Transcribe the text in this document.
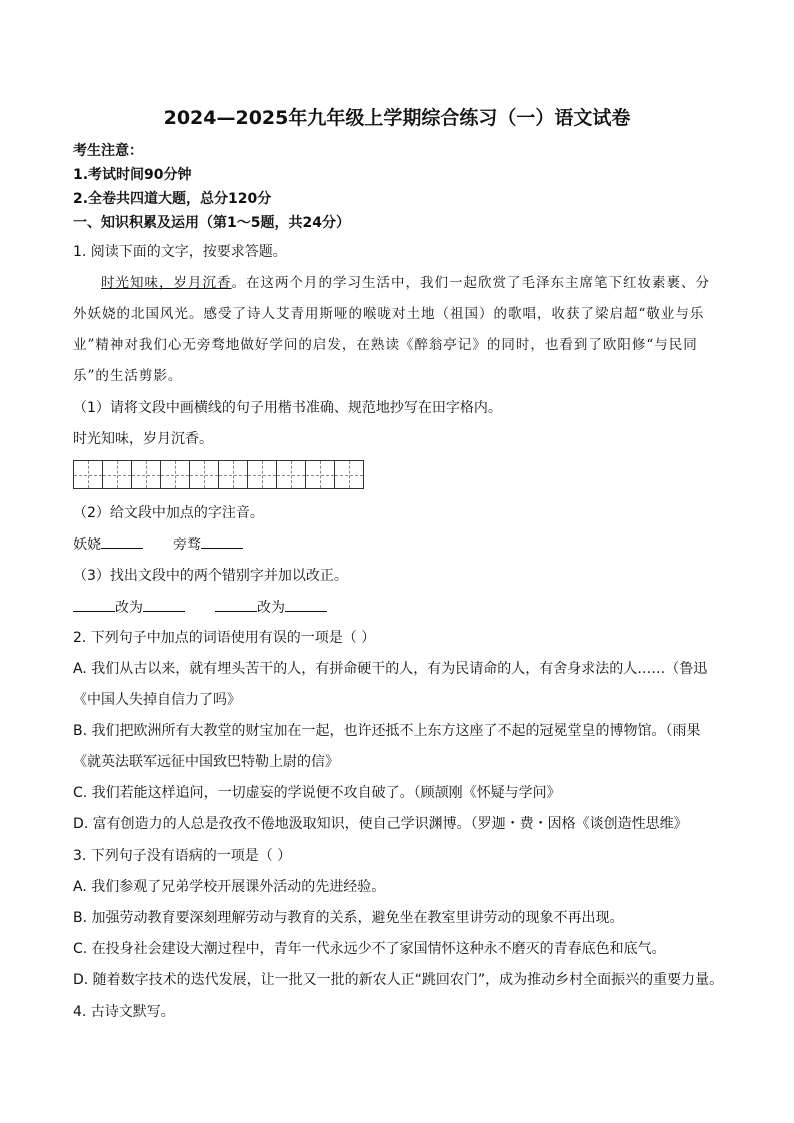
2024—2025年九年级上学期综合练习（一）语文试卷
考生注意：
1.考试时间90分钟
2.全卷共四道大题，总分120分
一、知识积累及运用（第1～5题，共24分）
1. 阅读下面的文字，按要求答题。
时光知味，岁月沉香。在这两个月的学习生活中，我们一起欣赏了毛泽东主席笔下红妆素裹、分外妖娆的北国风光。感受了诗人艾青用斯哑的喉咙对土地（祖国）的歌唱，收获了梁启超“敬业与乐业”精神对我们心无旁骛地做好学问的启发，在熟读《醉翁亭记》的同时，也看到了欧阳修“与民同乐”的生活剪影。
（1）请将文段中画横线的句子用楷书准确、规范地抄写在田字格内。
时光知味，岁月沉香。
（2）给文段中加点的字注音。
妖娆	旁骛
（3）找出文段中的两个错别字并加以改正。
改为	改为
2. 下列句子中加点的词语使用有误的一项是（ ）
A. 我们从古以来，就有埋头苦干的人，有拼命硬干的人，有为民请命的人，有舍身求法的人……（鲁迅《中国人失掉自信力了吗》
B. 我们把欧洲所有大教堂的财宝加在一起，也许还抵不上东方这座了不起的冠冕堂皇的博物馆。（雨果《就英法联军远征中国致巴特勒上尉的信》
C. 我们若能这样追问，一切虚妄的学说便不攻自破了。（顾颉刚《怀疑与学问》
D. 富有创造力的人总是孜孜不倦地汲取知识，使自己学识渊博。（罗迦・费・因格《谈创造性思维》
3. 下列句子没有语病的一项是（ ）
A. 我们参观了兄弟学校开展课外活动的先进经验。
B. 加强劳动教育要深刻理解劳动与教育的关系，避免坐在教室里讲劳动的现象不再出现。
C. 在投身社会建设大潮过程中，青年一代永远少不了家国情怀这种永不磨灭的青春底色和底气。
D. 随着数字技术的迭代发展，让一批又一批的新农人正“跳回农门”，成为推动乡村全面振兴的重要力量。
4. 古诗文默写。
